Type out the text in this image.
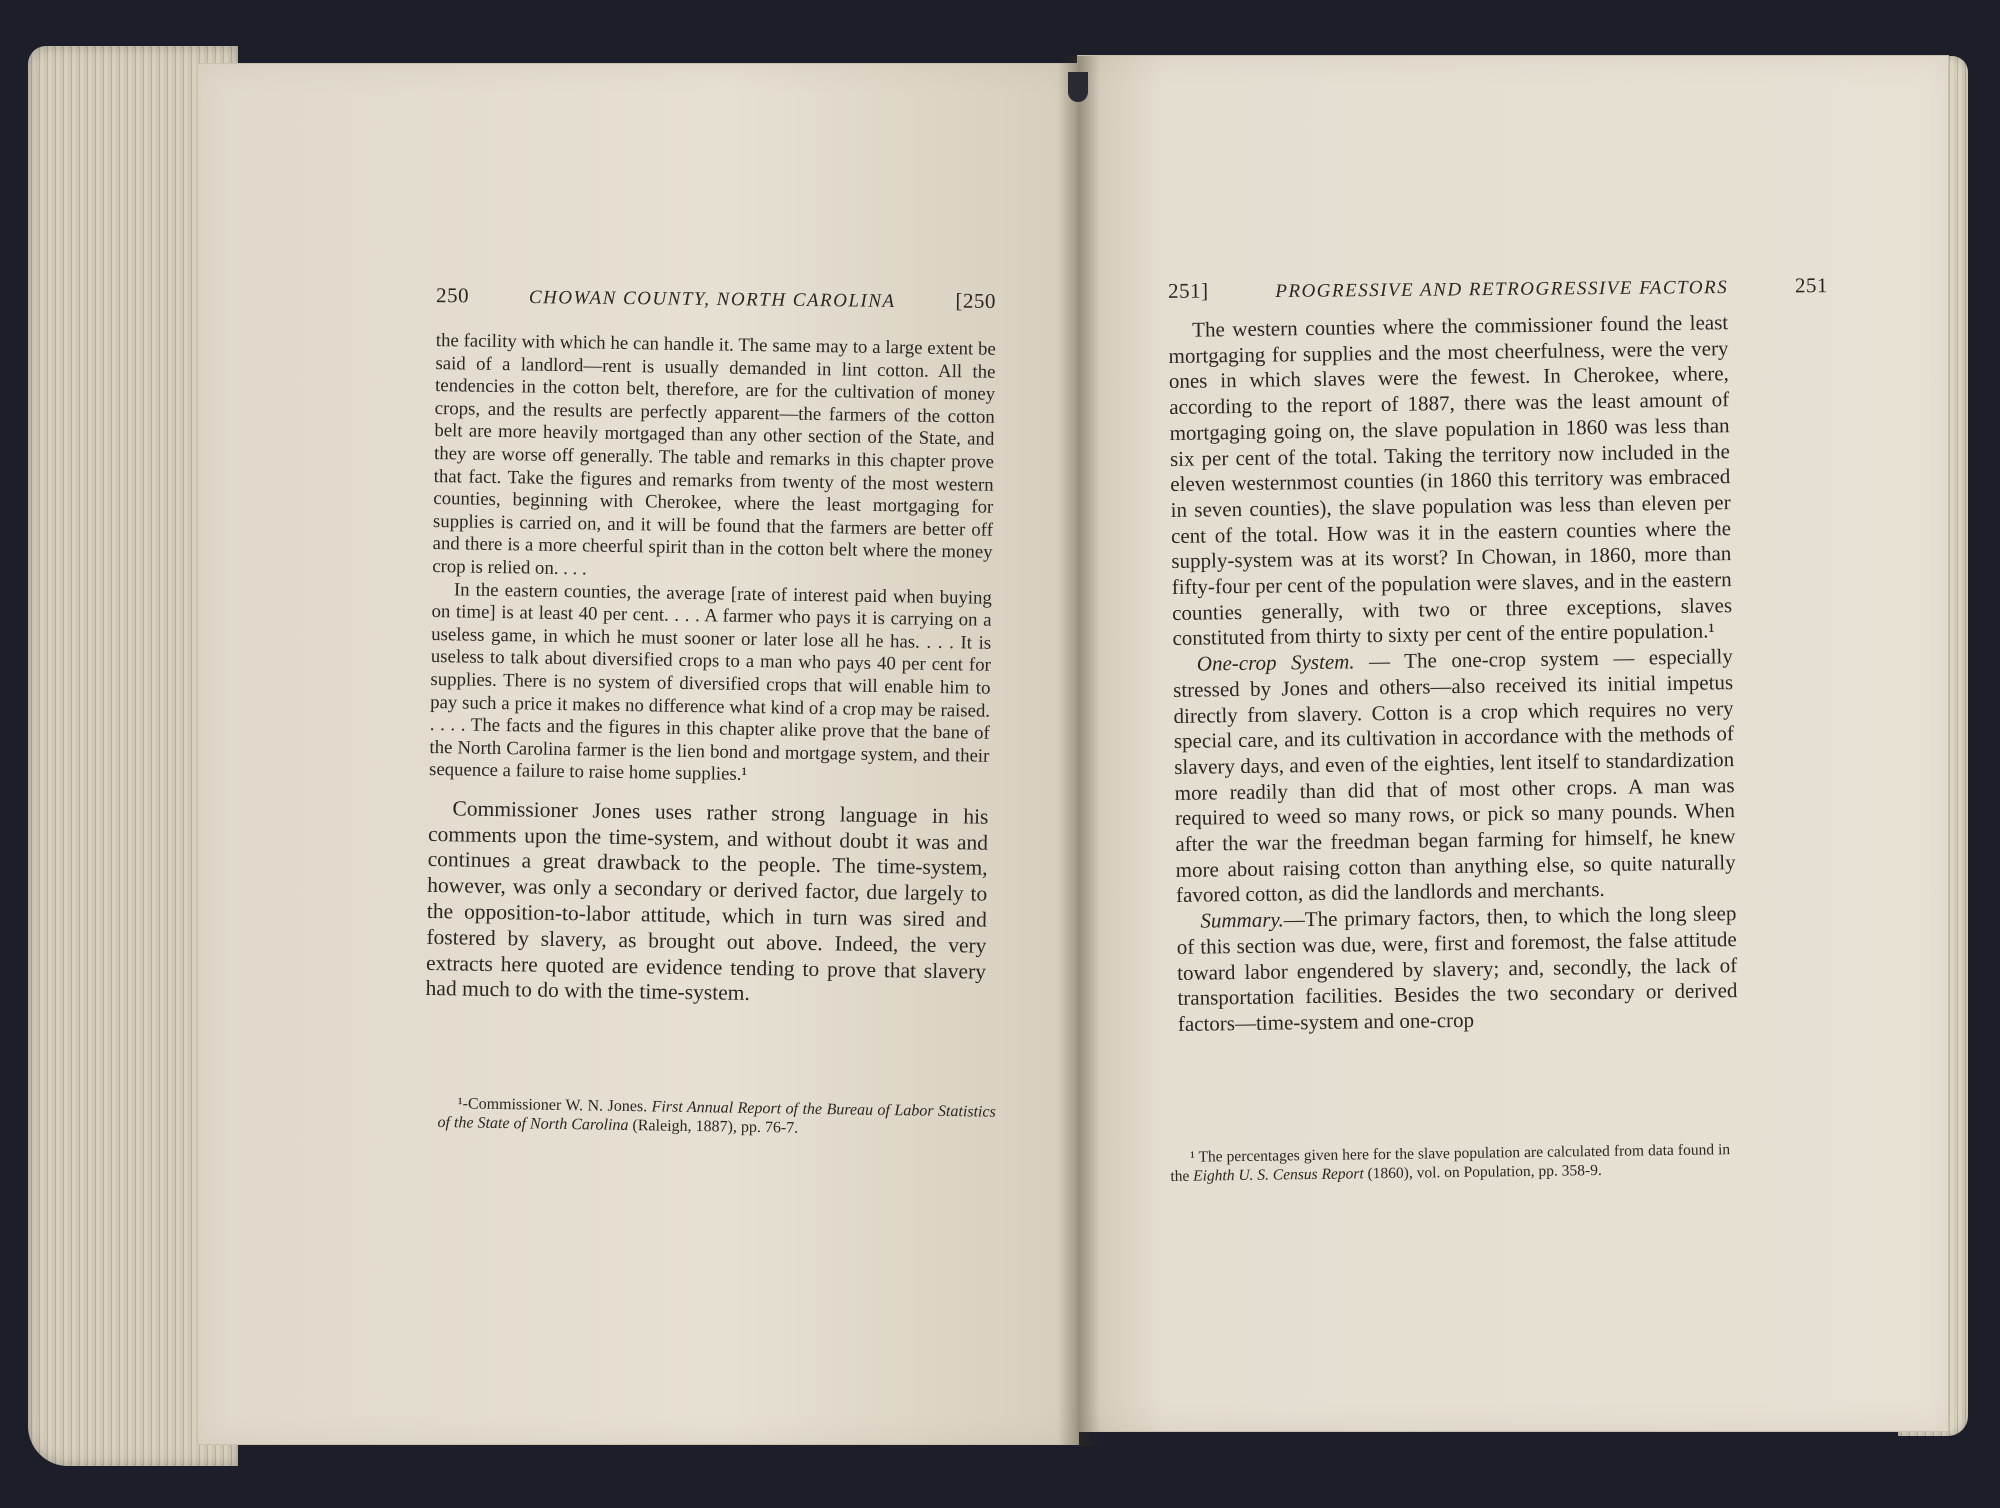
250	CHOWAN COUNTY, NORTH CAROLINA	[250

the facility with which he can handle it. The same may to a large extent be said of a landlord—rent is usually demanded in lint cotton. All the tendencies in the cotton belt, therefore, are for the cultivation of money crops, and the results are perfectly apparent—the farmers of the cotton belt are more heavily mortgaged than any other section of the State, and they are worse off generally. The table and remarks in this chapter prove that fact. Take the figures and remarks from twenty of the most western counties, beginning with Cherokee, where the least mortgaging for supplies is carried on, and it will be found that the farmers are better off and there is a more cheerful spirit than in the cotton belt where the money crop is relied on. . . .

In the eastern counties, the average [rate of interest paid when buying on time] is at least 40 per cent. . . . A farmer who pays it is carrying on a useless game, in which he must sooner or later lose all he has. . . . It is useless to talk about diversified crops to a man who pays 40 per cent for supplies. There is no system of diversified crops that will enable him to pay such a price it makes no difference what kind of a crop may be raised. . . . . The facts and the figures in this chapter alike prove that the bane of the North Carolina farmer is the lien bond and mortgage system, and their sequence a failure to raise home supplies.¹

Commissioner Jones uses rather strong language in his comments upon the time-system, and without doubt it was and continues a great drawback to the people. The time-system, however, was only a secondary or derived factor, due largely to the opposition-to-labor attitude, which in turn was sired and fostered by slavery, as brought out above. Indeed, the very extracts here quoted are evidence tending to prove that slavery had much to do with the time-system.

¹-Commissioner W. N. Jones. First Annual Report of the Bureau of Labor Statistics of the State of North Carolina (Raleigh, 1887), pp. 76-7.

251]	PROGRESSIVE AND RETROGRESSIVE FACTORS	251

The western counties where the commissioner found the least mortgaging for supplies and the most cheerfulness, were the very ones in which slaves were the fewest. In Cherokee, where, according to the report of 1887, there was the least amount of mortgaging going on, the slave population in 1860 was less than six per cent of the total. Taking the territory now included in the eleven westernmost counties (in 1860 this territory was embraced in seven counties), the slave population was less than eleven per cent of the total. How was it in the eastern counties where the supply-system was at its worst? In Chowan, in 1860, more than fifty-four per cent of the population were slaves, and in the eastern counties generally, with two or three exceptions, slaves constituted from thirty to sixty per cent of the entire population.¹

One-crop System. — The one-crop system — especially stressed by Jones and others—also received its initial impetus directly from slavery. Cotton is a crop which requires no very special care, and its cultivation in accordance with the methods of slavery days, and even of the eighties, lent itself to standardization more readily than did that of most other crops. A man was required to weed so many rows, or pick so many pounds. When after the war the freedman began farming for himself, he knew more about raising cotton than anything else, so quite naturally favored cotton, as did the landlords and merchants.

Summary.—The primary factors, then, to which the long sleep of this section was due, were, first and foremost, the false attitude toward labor engendered by slavery; and, secondly, the lack of transportation facilities. Besides the two secondary or derived factors—time-system and one-crop

¹ The percentages given here for the slave population are calculated from data found in the Eighth U. S. Census Report (1860), vol. on Population, pp. 358-9.
